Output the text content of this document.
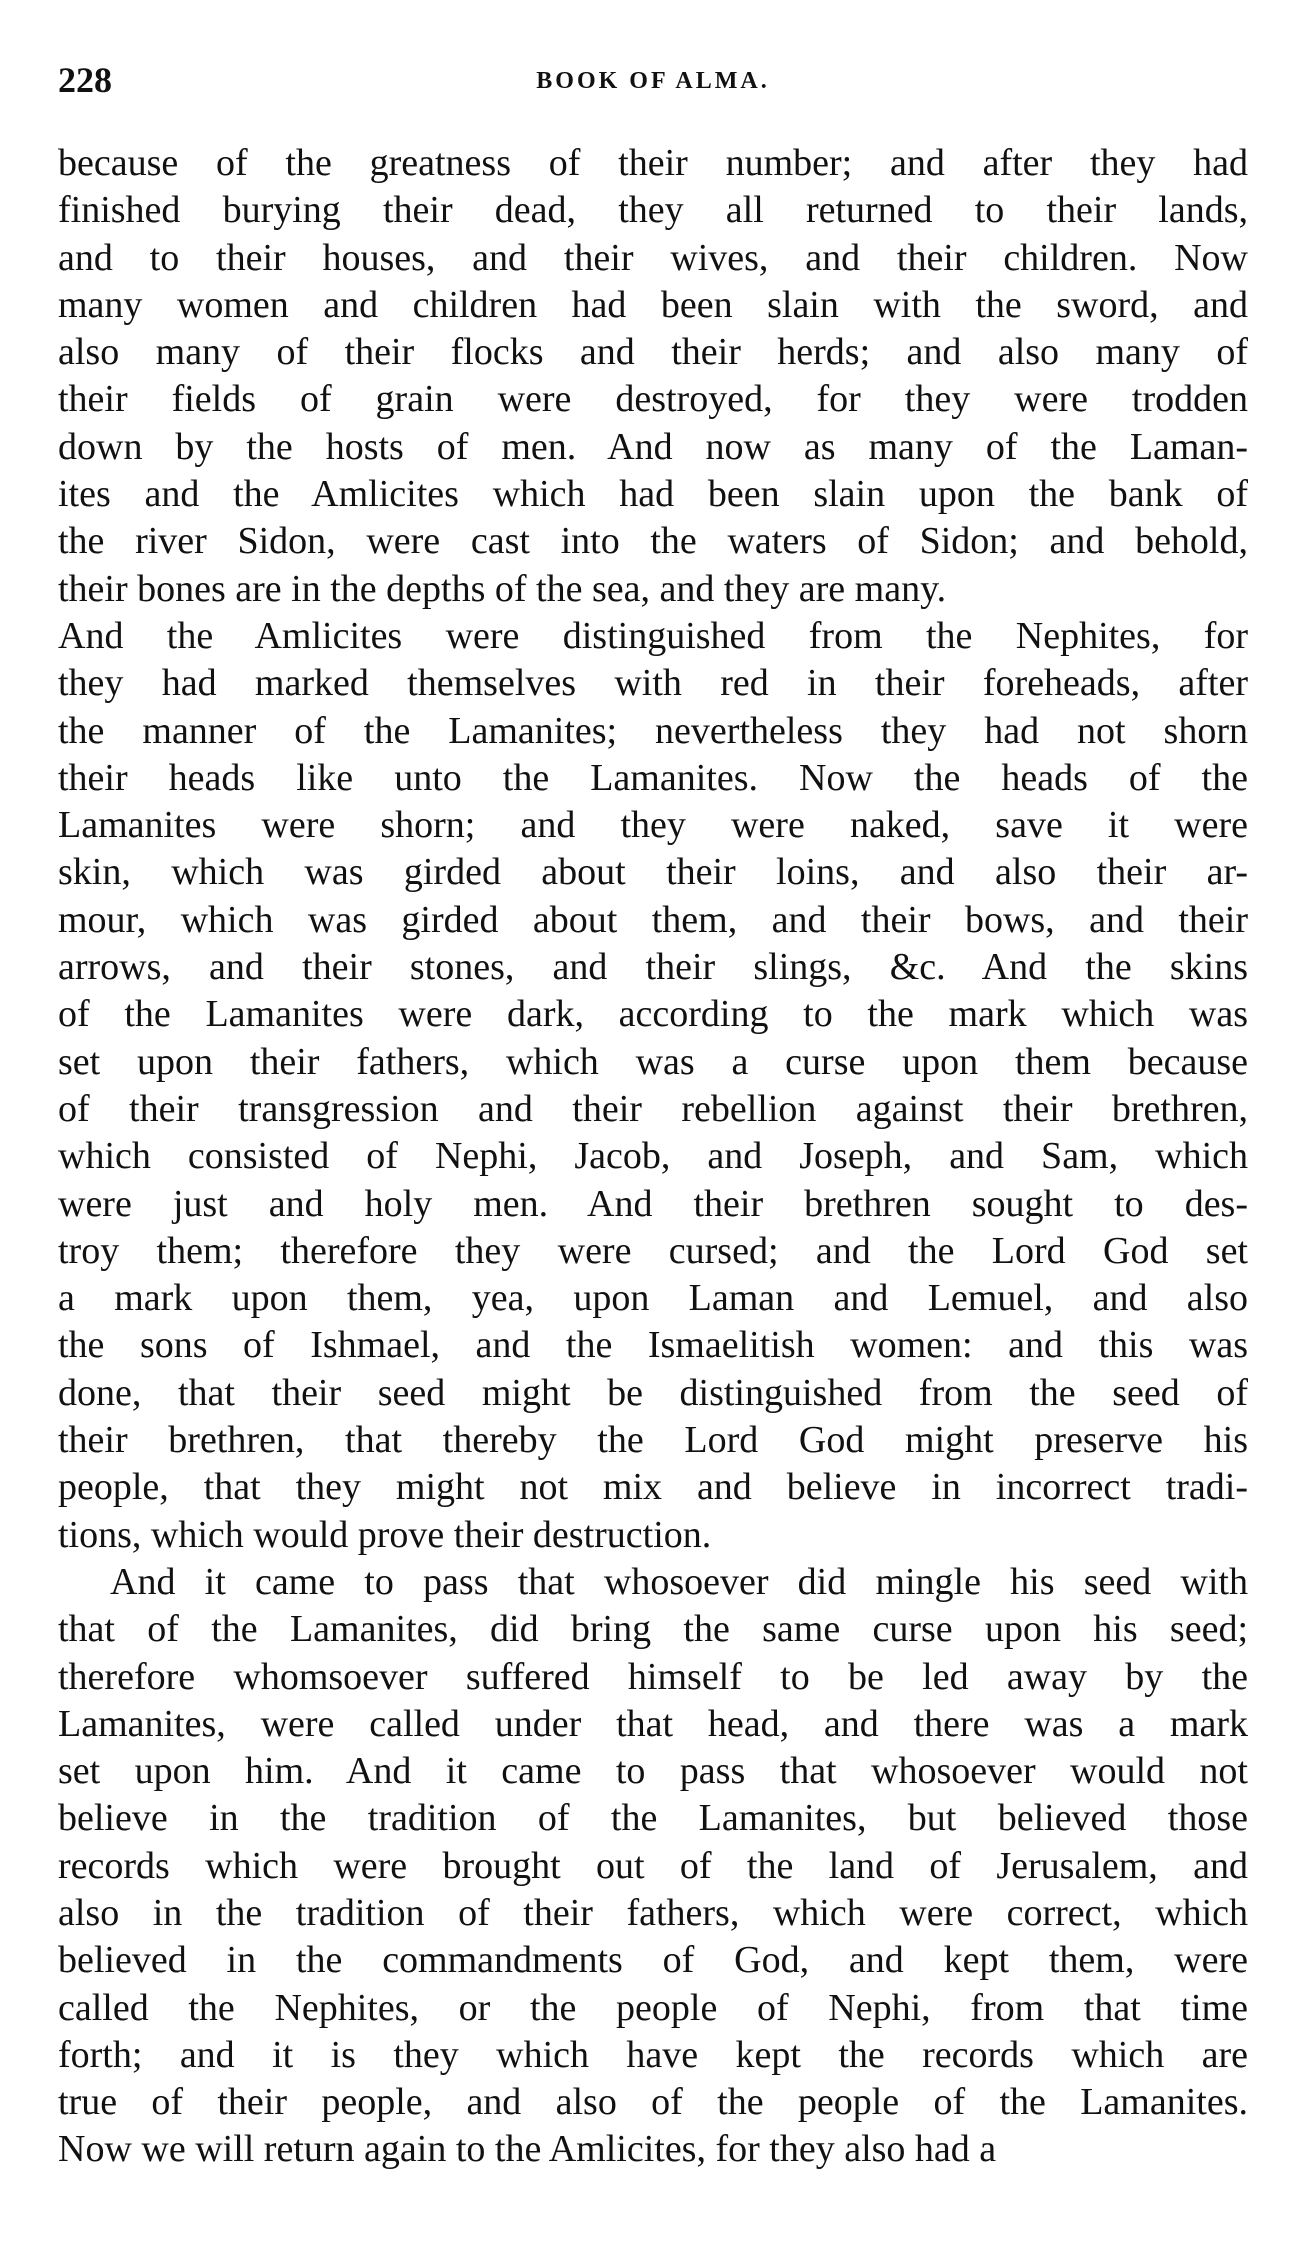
228	BOOK OF ALMA.
because of the greatness of their number; and after they had
finished burying their dead, they all returned to their lands,
and to their houses, and their wives, and their children. Now
many women and children had been slain with the sword, and
also many of their flocks and their herds; and also many of
their fields of grain were destroyed, for they were trodden
down by the hosts of men. And now as many of the Laman-
ites and the Amlicites which had been slain upon the bank of
the river Sidon, were cast into the waters of Sidon; and behold,
their bones are in the depths of the sea, and they are many.
And the Amlicites were distinguished from the Nephites, for
they had marked themselves with red in their foreheads, after
the manner of the Lamanites; nevertheless they had not shorn
their heads like unto the Lamanites. Now the heads of the
Lamanites were shorn; and they were naked, save it were
skin, which was girded about their loins, and also their ar-
mour, which was girded about them, and their bows, and their
arrows, and their stones, and their slings, &c. And the skins
of the Lamanites were dark, according to the mark which was
set upon their fathers, which was a curse upon them because
of their transgression and their rebellion against their brethren,
which consisted of Nephi, Jacob, and Joseph, and Sam, which
were just and holy men. And their brethren sought to des-
troy them; therefore they were cursed; and the Lord God set
a mark upon them, yea, upon Laman and Lemuel, and also
the sons of Ishmael, and the Ismaelitish women: and this was
done, that their seed might be distinguished from the seed of
their brethren, that thereby the Lord God might preserve his
people, that they might not mix and believe in incorrect tradi-
tions, which would prove their destruction.
And it came to pass that whosoever did mingle his seed with
that of the Lamanites, did bring the same curse upon his seed;
therefore whomsoever suffered himself to be led away by the
Lamanites, were called under that head, and there was a mark
set upon him. And it came to pass that whosoever would not
believe in the tradition of the Lamanites, but believed those
records which were brought out of the land of Jerusalem, and
also in the tradition of their fathers, which were correct, which
believed in the commandments of God, and kept them, were
called the Nephites, or the people of Nephi, from that time
forth; and it is they which have kept the records which are
true of their people, and also of the people of the Lamanites.
Now we will return again to the Amlicites, for they also had a
